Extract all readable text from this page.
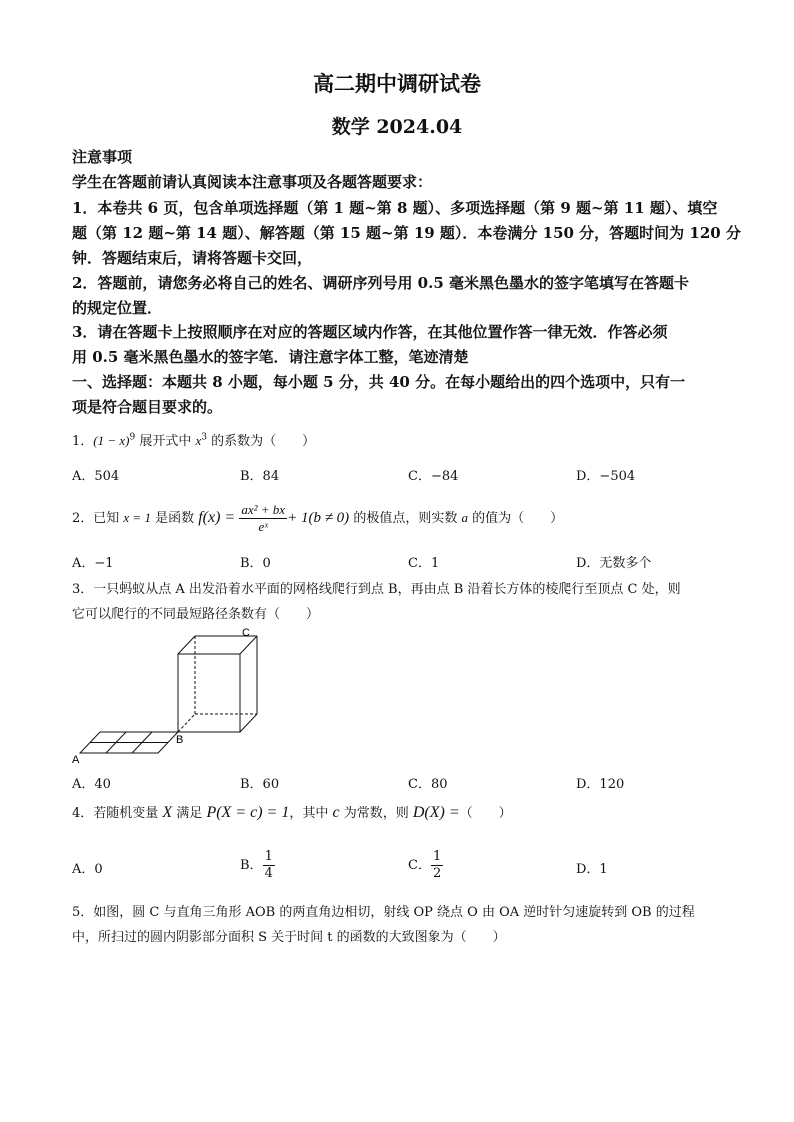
高二期中调研试卷
数学 2024.04
注意事项
学生在答题前请认真阅读本注意事项及各题答题要求：
1．本卷共 6 页，包含单项选择题（第 1 题~第 8 题）、多项选择题（第 9 题~第 11 题）、填空
题（第 12 题~第 14 题）、解答题（第 15 题~第 19 题）．本卷满分 150 分，答题时间为 120 分
钟．答题结束后，请将答题卡交回，
2．答题前，请您务必将自己的姓名、调研序列号用 0.5 毫米黑色墨水的签字笔填写在答题卡
的规定位置．
3．请在答题卡上按照顺序在对应的答题区域内作答，在其他位置作答一律无效．作答必须
用 0.5 毫米黑色墨水的签字笔．请注意字体工整，笔迹清楚
一、选择题：本题共 8 小题，每小题 5 分，共 40 分。在每小题给出的四个选项中，只有一
项是符合题目要求的。
1．$(1 - x)^9$ 展开式中 $x^3$ 的系数为（　　）
A．504	B．84	C．−84	D．−504
2．已知 x = 1 是函数 $f(x) = \frac{\text{ax² + bx}}{\text{eˣ}} + 1(b \ne 0)$ 的极值点，则实数 a 的值为（　　）
A．−1	B．0	C．1	D．无数多个
3．一只蚂蚁从点 A 出发沿着水平面的网格线爬行到点 B，再由点 B 沿着长方体的棱爬行至顶点 C 处，则
它可以爬行的不同最短路径条数有（　　）
A
B
C
A．40	B．60	C．80	D．120
4．若随机变量 X 满足 P(X = c) = 1，其中 c 为常数，则 D(X) =（　　）
A．0	B． $\frac{1}{4}$	C． $\frac{1}{2}$	D．1
5．如图，圆 C 与直角三角形 AOB 的两直角边相切，射线 OP 绕点 O 由 OA 逆时针匀速旋转到 OB 的过程
中，所扫过的圆内阴影部分面积 S 关于时间 t 的函数的大致图象为（　　）
